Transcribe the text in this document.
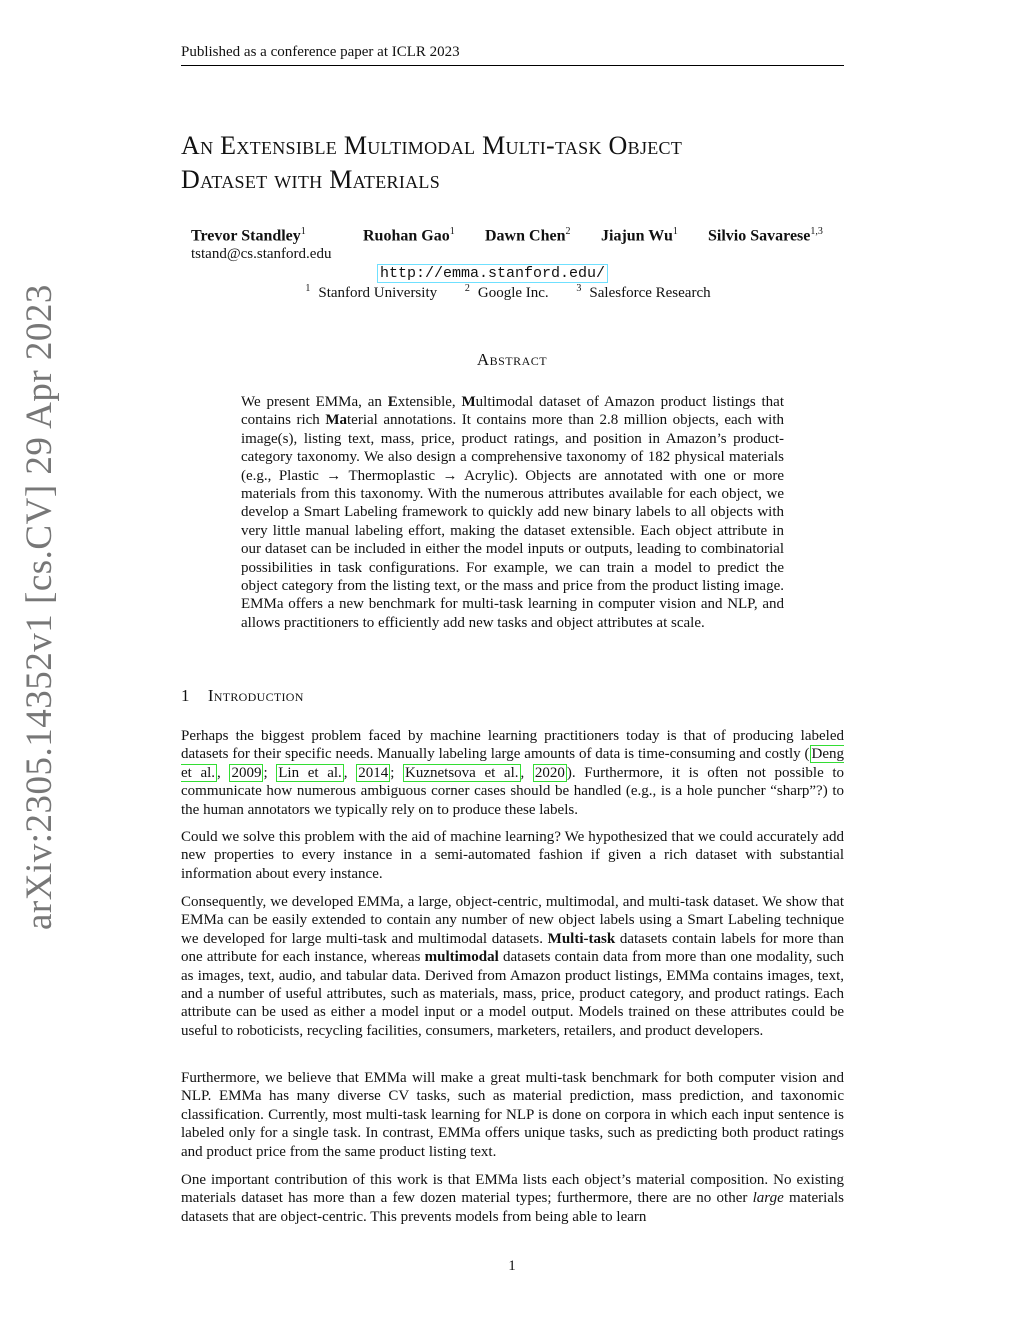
Published as a conference paper at ICLR 2023
arXiv:2305.14352v1 [cs.CV] 29 Apr 2023
An Extensible Multimodal Multi-task Object
Dataset with Materials
Trevor Standley$^1$	Ruohan Gao$^1$ Dawn Chen$^2$ Jiajun Wu$^1$ Silvio Savarese$^{1,3}$
tstand@cs.stanford.edu
http://emma.stanford.edu/
$^1$ Stanford University	$^2$ Google Inc.	$^3$ Salesforce Research
Abstract
We present EMMa, an Extensible, Multimodal dataset of Amazon product listings that contains rich Material annotations. It contains more than 2.8 million objects, each with image(s), listing text, mass, price, product ratings, and position in Amazon’s product-category taxonomy. We also design a comprehensive taxonomy of 182 physical materials (e.g., Plastic → Thermoplastic → Acrylic). Objects are annotated with one or more materials from this taxonomy. With the numerous attributes available for each object, we develop a Smart Labeling framework to quickly add new binary labels to all objects with very little manual labeling effort, making the dataset extensible. Each object attribute in our dataset can be included in either the model inputs or outputs, leading to combinatorial possibilities in task configurations. For example, we can train a model to predict the object category from the listing text, or the mass and price from the product listing image. EMMa offers a new benchmark for multi-task learning in computer vision and NLP, and allows practitioners to efficiently add new tasks and object attributes at scale.
1 Introduction
Perhaps the biggest problem faced by machine learning practitioners today is that of producing labeled datasets for their specific needs. Manually labeling large amounts of data is time-consuming and costly ( Deng et al. , 2009 ; Lin et al. , 2014 ; Kuznetsova et al. , 2020 ). Furthermore, it is often not possible to communicate how numerous ambiguous corner cases should be handled (e.g., is a hole puncher “sharp”?) to the human annotators we typically rely on to produce these labels.
Could we solve this problem with the aid of machine learning? We hypothesized that we could accurately add new properties to every instance in a semi-automated fashion if given a rich dataset with substantial information about every instance.
Consequently, we developed EMMa, a large, object-centric, multimodal, and multi-task dataset. We show that EMMa can be easily extended to contain any number of new object labels using a Smart Labeling technique we developed for large multi-task and multimodal datasets. Multi-task datasets contain labels for more than one attribute for each instance, whereas multimodal datasets contain data from more than one modality, such as images, text, audio, and tabular data. Derived from Amazon product listings, EMMa contains images, text, and a number of useful attributes, such as materials, mass, price, product category, and product ratings. Each attribute can be used as either a model input or a model output. Models trained on these attributes could be useful to roboticists, recycling facilities, consumers, marketers, retailers, and product developers.
Furthermore, we believe that EMMa will make a great multi-task benchmark for both computer vision and NLP. EMMa has many diverse CV tasks, such as material prediction, mass prediction, and taxonomic classification. Currently, most multi-task learning for NLP is done on corpora in which each input sentence is labeled only for a single task. In contrast, EMMa offers unique tasks, such as predicting both product ratings and product price from the same product listing text.
One important contribution of this work is that EMMa lists each object’s material composition. No existing materials dataset has more than a few dozen material types; furthermore, there are no other large materials datasets that are object-centric. This prevents models from being able to learn
1
